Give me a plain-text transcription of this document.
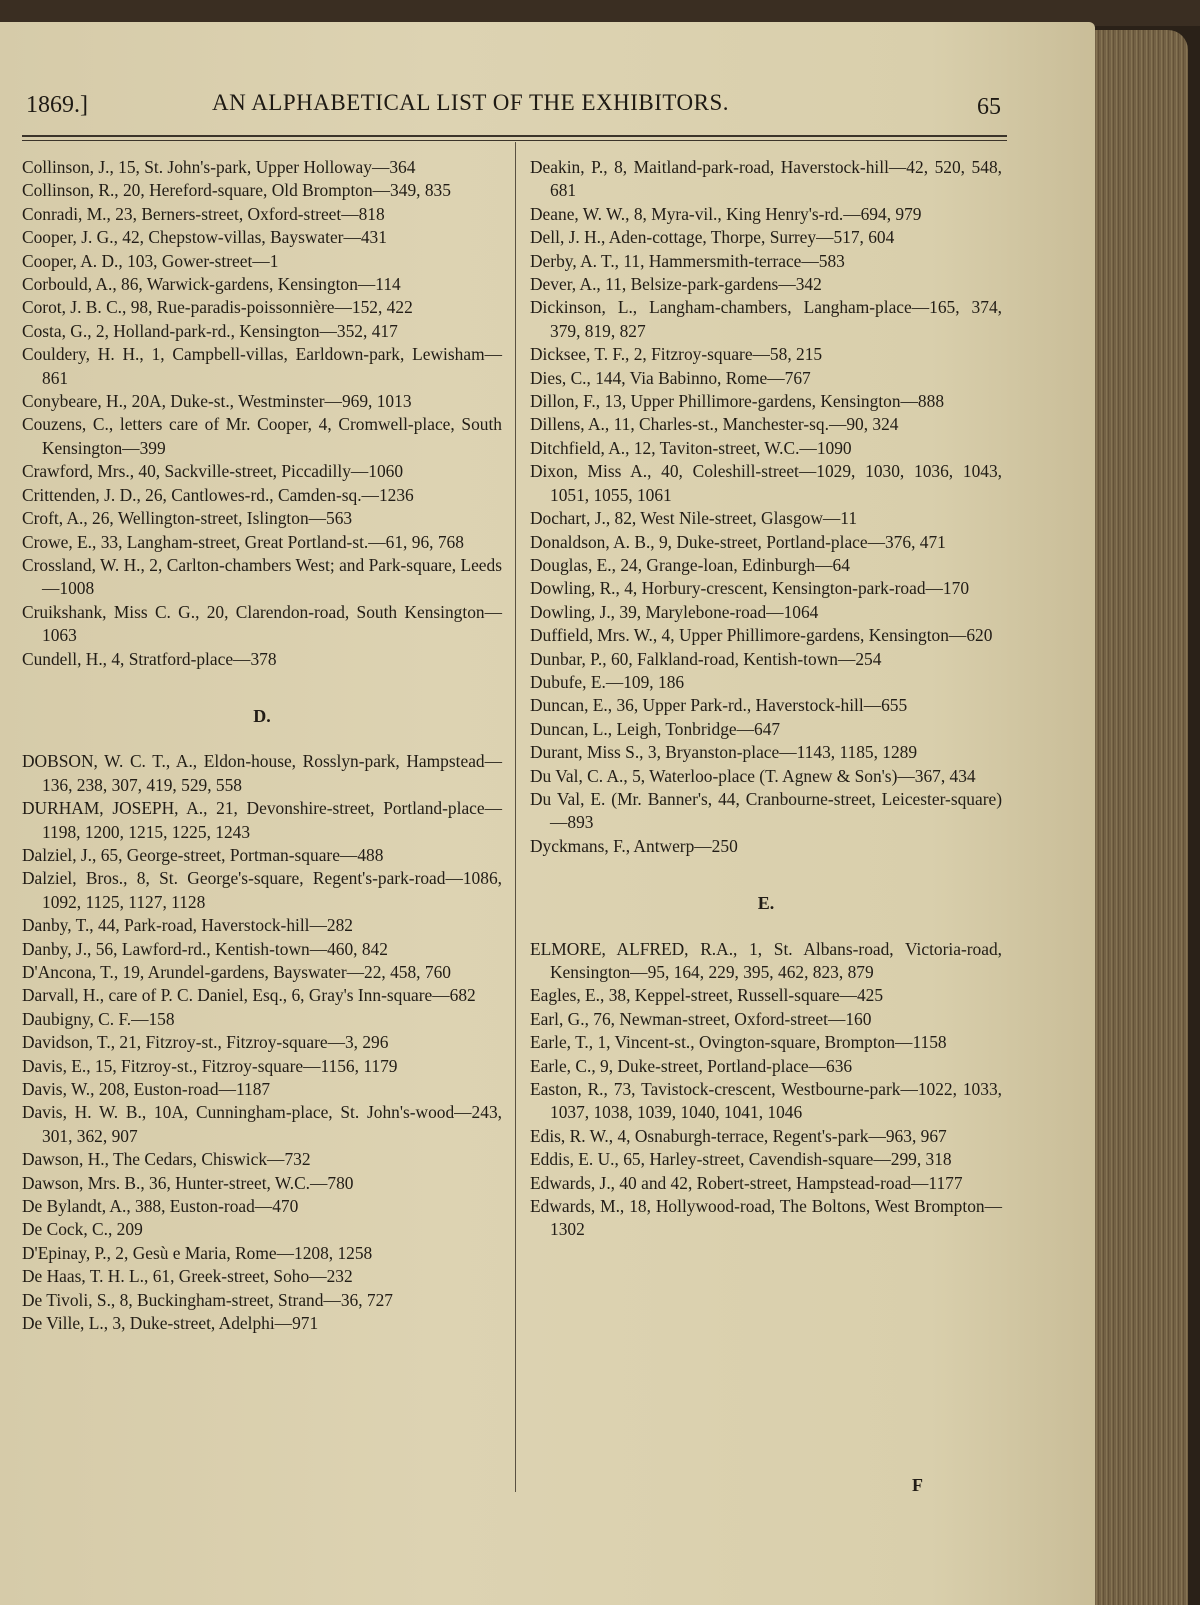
1869.]	AN ALPHABETICAL LIST OF THE EXHIBITORS.	65
Collinson, J., 15, St. John's-park, Upper Holloway—364
Collinson, R., 20, Hereford-square, Old Brompton—349, 835
Conradi, M., 23, Berners-street, Oxford-street—818
Cooper, J. G., 42, Chepstow-villas, Bayswater—431
Cooper, A. D., 103, Gower-street—1
Corbould, A., 86, Warwick-gardens, Kensington—114
Corot, J. B. C., 98, Rue-paradis-poissonnière—152, 422
Costa, G., 2, Holland-park-rd., Kensington—352, 417
Couldery, H. H., 1, Campbell-villas, Earldown-park, Lewisham—861
Conybeare, H., 20A, Duke-st., Westminster—969, 1013
Couzens, C., letters care of Mr. Cooper, 4, Cromwell-place, South Kensington—399
Crawford, Mrs., 40, Sackville-street, Piccadilly—1060
Crittenden, J. D., 26, Cantlowes-rd., Camden-sq.—1236
Croft, A., 26, Wellington-street, Islington—563
Crowe, E., 33, Langham-street, Great Portland-st.—61, 96, 768
Crossland, W. H., 2, Carlton-chambers West; and Park-square, Leeds—1008
Cruikshank, Miss C. G., 20, Clarendon-road, South Kensington—1063
Cundell, H., 4, Stratford-place—378
D.
DOBSON, W. C. T., A., Eldon-house, Rosslyn-park, Hampstead—136, 238, 307, 419, 529, 558
DURHAM, JOSEPH, A., 21, Devonshire-street, Portland-place—1198, 1200, 1215, 1225, 1243
Dalziel, J., 65, George-street, Portman-square—488
Dalziel, Bros., 8, St. George's-square, Regent's-park-road—1086, 1092, 1125, 1127, 1128
Danby, T., 44, Park-road, Haverstock-hill—282
Danby, J., 56, Lawford-rd., Kentish-town—460, 842
D'Ancona, T., 19, Arundel-gardens, Bayswater—22, 458, 760
Darvall, H., care of P. C. Daniel, Esq., 6, Gray's Inn-square—682
Daubigny, C. F.—158
Davidson, T., 21, Fitzroy-st., Fitzroy-square—3, 296
Davis, E., 15, Fitzroy-st., Fitzroy-square—1156, 1179
Davis, W., 208, Euston-road—1187
Davis, H. W. B., 10A, Cunningham-place, St. John's-wood—243, 301, 362, 907
Dawson, H., The Cedars, Chiswick—732
Dawson, Mrs. B., 36, Hunter-street, W.C.—780
De Bylandt, A., 388, Euston-road—470
De Cock, C., 209
D'Epinay, P., 2, Gesù e Maria, Rome—1208, 1258
De Haas, T. H. L., 61, Greek-street, Soho—232
De Tivoli, S., 8, Buckingham-street, Strand—36, 727
De Ville, L., 3, Duke-street, Adelphi—971
Deakin, P., 8, Maitland-park-road, Haverstock-hill—42, 520, 548, 681
Deane, W. W., 8, Myra-vil., King Henry's-rd.—694, 979
Dell, J. H., Aden-cottage, Thorpe, Surrey—517, 604
Derby, A. T., 11, Hammersmith-terrace—583
Dever, A., 11, Belsize-park-gardens—342
Dickinson, L., Langham-chambers, Langham-place—165, 374, 379, 819, 827
Dicksee, T. F., 2, Fitzroy-square—58, 215
Dies, C., 144, Via Babinno, Rome—767
Dillon, F., 13, Upper Phillimore-gardens, Kensington—888
Dillens, A., 11, Charles-st., Manchester-sq.—90, 324
Ditchfield, A., 12, Taviton-street, W.C.—1090
Dixon, Miss A., 40, Coleshill-street—1029, 1030, 1036, 1043, 1051, 1055, 1061
Dochart, J., 82, West Nile-street, Glasgow—11
Donaldson, A. B., 9, Duke-street, Portland-place—376, 471
Douglas, E., 24, Grange-loan, Edinburgh—64
Dowling, R., 4, Horbury-crescent, Kensington-park-road—170
Dowling, J., 39, Marylebone-road—1064
Duffield, Mrs. W., 4, Upper Phillimore-gardens, Kensington—620
Dunbar, P., 60, Falkland-road, Kentish-town—254
Dubufe, E.—109, 186
Duncan, E., 36, Upper Park-rd., Haverstock-hill—655
Duncan, L., Leigh, Tonbridge—647
Durant, Miss S., 3, Bryanston-place—1143, 1185, 1289
Du Val, C. A., 5, Waterloo-place (T. Agnew & Son's)—367, 434
Du Val, E. (Mr. Banner's, 44, Cranbourne-street, Leicester-square)—893
Dyckmans, F., Antwerp—250
E.
ELMORE, ALFRED, R.A., 1, St. Albans-road, Victoria-road, Kensington—95, 164, 229, 395, 462, 823, 879
Eagles, E., 38, Keppel-street, Russell-square—425
Earl, G., 76, Newman-street, Oxford-street—160
Earle, T., 1, Vincent-st., Ovington-square, Brompton—1158
Earle, C., 9, Duke-street, Portland-place—636
Easton, R., 73, Tavistock-crescent, Westbourne-park—1022, 1033, 1037, 1038, 1039, 1040, 1041, 1046
Edis, R. W., 4, Osnaburgh-terrace, Regent's-park—963, 967
Eddis, E. U., 65, Harley-street, Cavendish-square—299, 318
Edwards, J., 40 and 42, Robert-street, Hampstead-road—1177
Edwards, M., 18, Hollywood-road, The Boltons, West Brompton—1302
F
